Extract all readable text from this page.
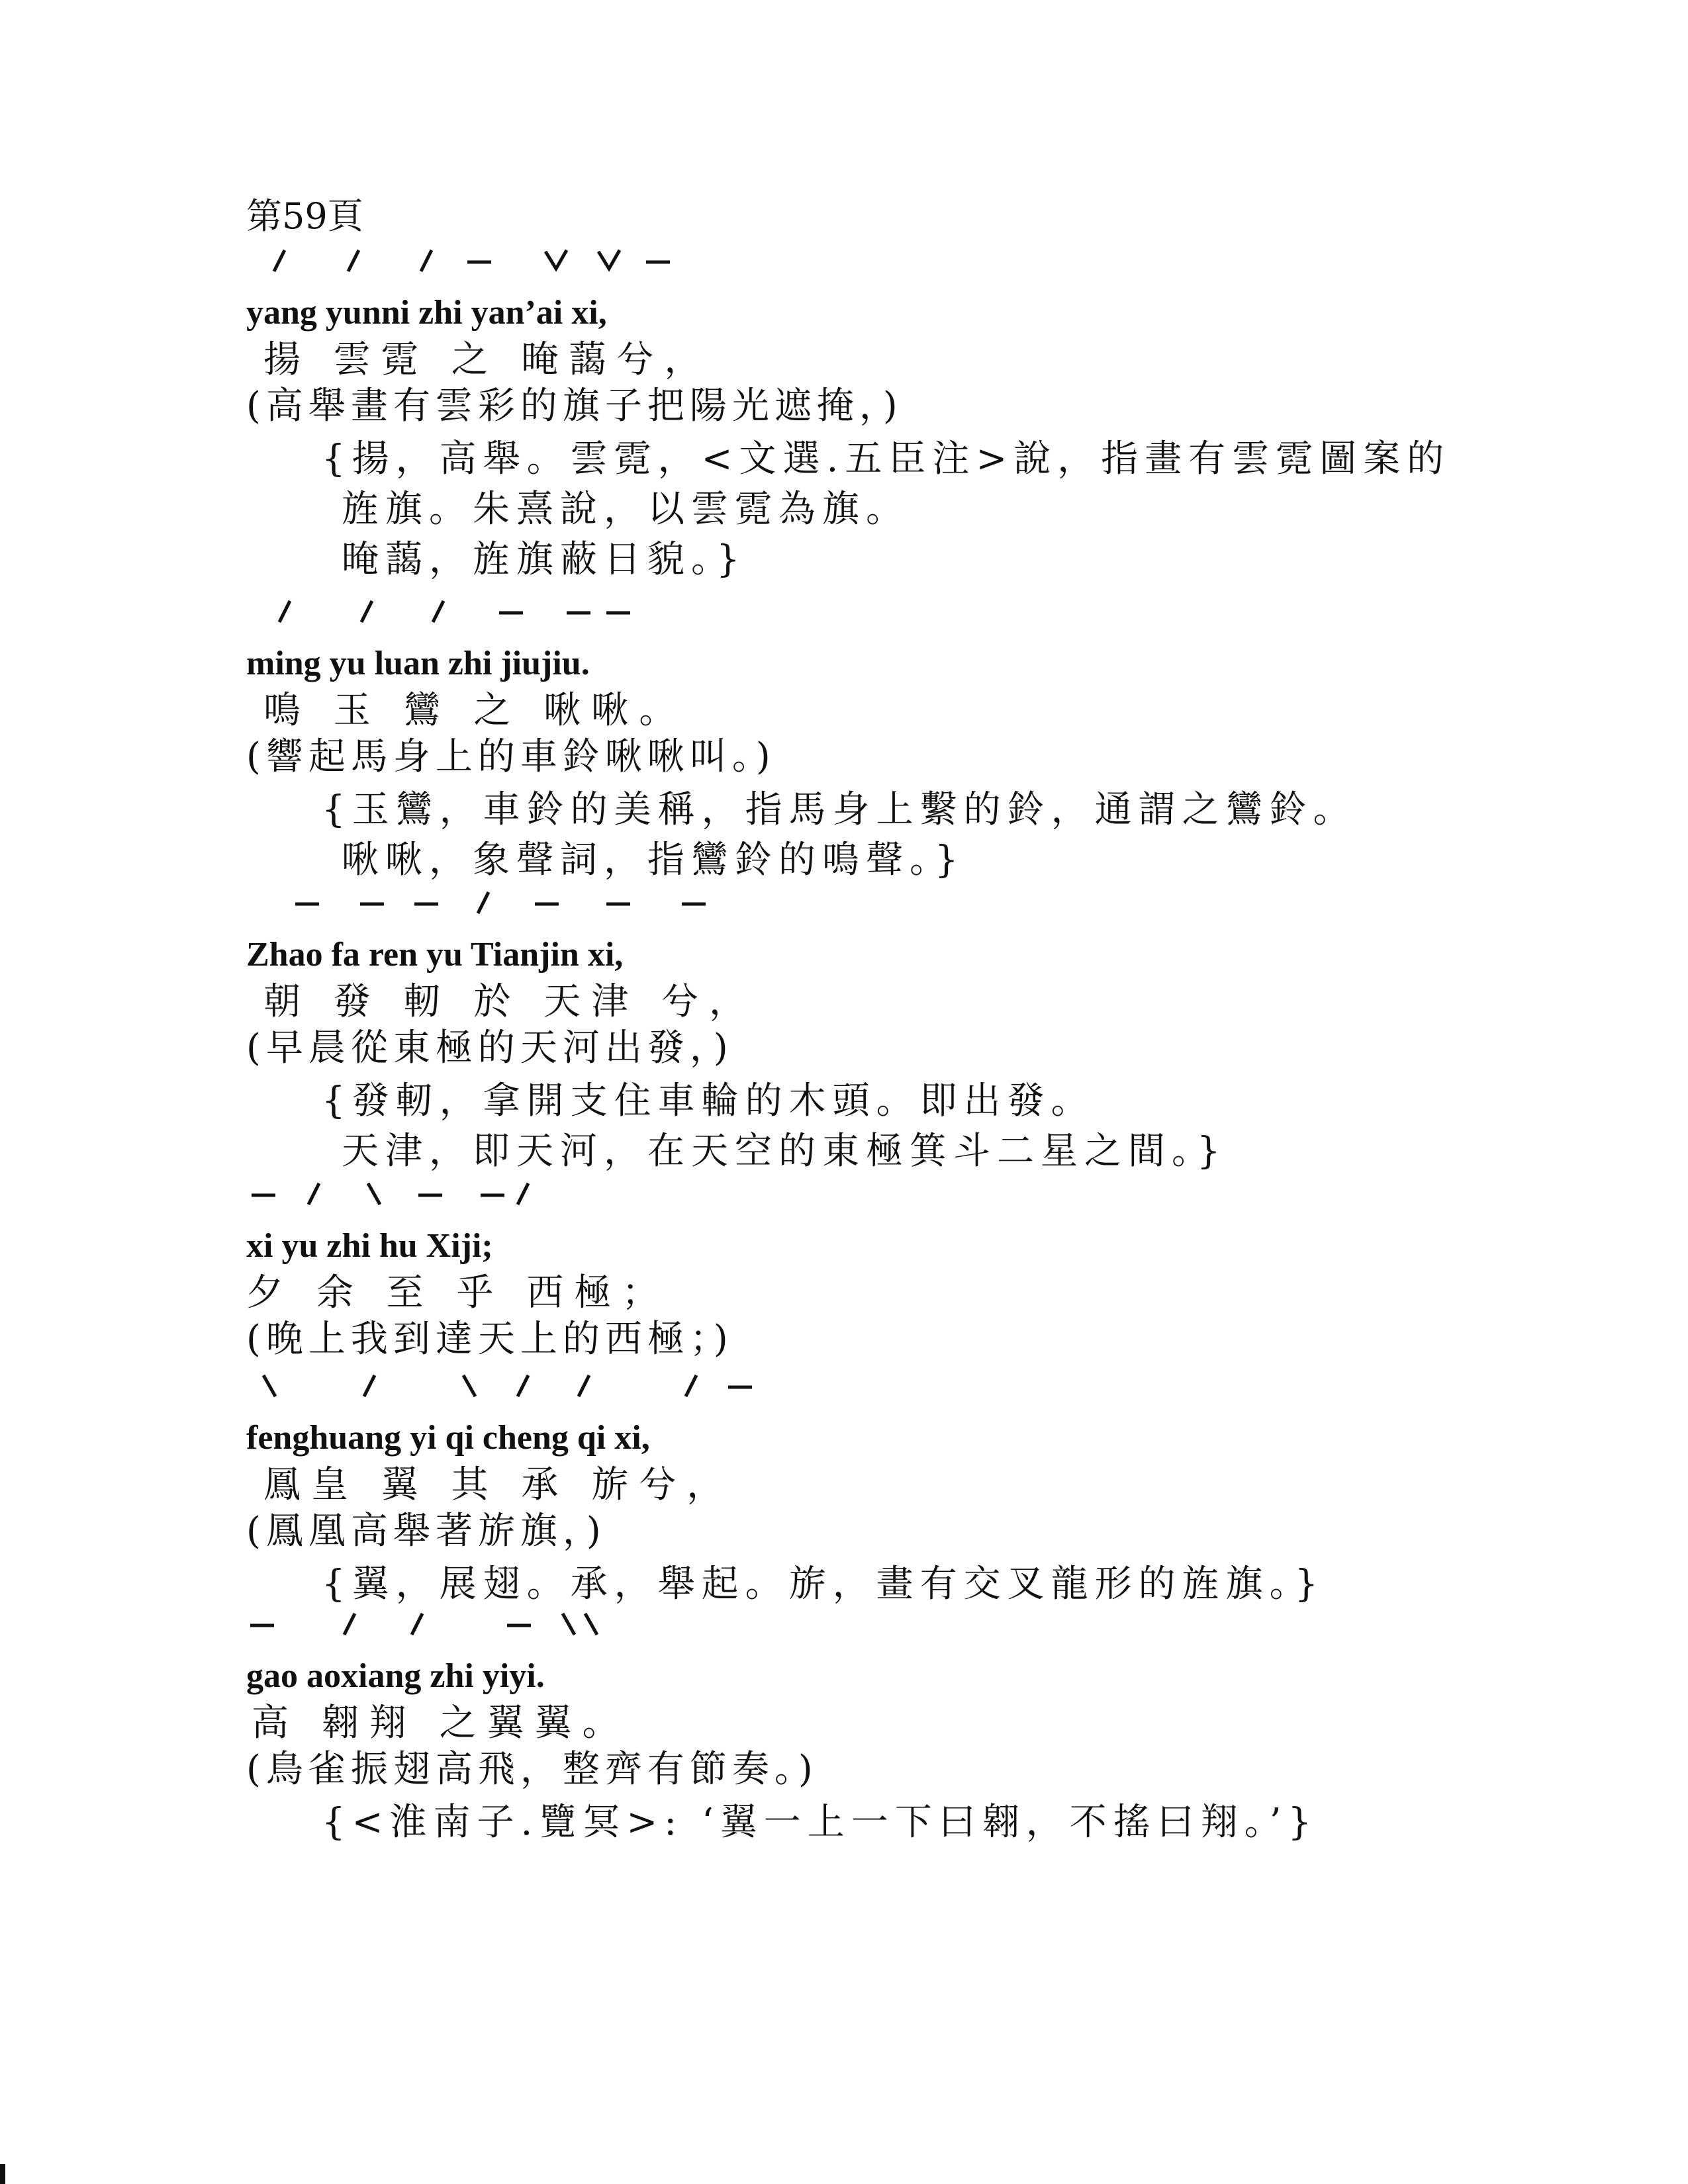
第59頁
yang yunni zhi yan’ai xi,
揚 雲霓 之 晻藹兮，
(高舉畫有雲彩的旗子把陽光遮掩，)
{揚，高舉。雲霓，<文選.五臣注>說，指畫有雲霓圖案的
旌旗。朱熹說，以雲霓為旗。
晻藹，旌旗蔽日貌。}
ming yu luan zhi jiujiu.
鳴 玉 鸞 之 啾啾。
(響起馬身上的車鈴啾啾叫。)
{玉鸞，車鈴的美稱，指馬身上繫的鈴，通謂之鸞鈴。
啾啾，象聲詞，指鸞鈴的鳴聲。}
Zhao fa ren yu Tianjin xi,
朝 發 軔 於 天津 兮，
(早晨從東極的天河出發，)
{發軔，拿開支住車輪的木頭。即出發。
天津，即天河，在天空的東極箕斗二星之間。}
xi yu zhi hu Xiji;
夕 余 至 乎 西極；
(晚上我到達天上的西極；)
fenghuang yi qi cheng qi xi,
鳳皇 翼 其 承 旂兮，
(鳳凰高舉著旂旗，)
{翼，展翅。承，舉起。旂，畫有交叉龍形的旌旗。}
gao aoxiang zhi yiyi.
高 翱翔 之翼翼。
(鳥雀振翅高飛，整齊有節奏。)
{<淮南子.覽冥>: ‘翼一上一下曰翱，不搖曰翔。’}
